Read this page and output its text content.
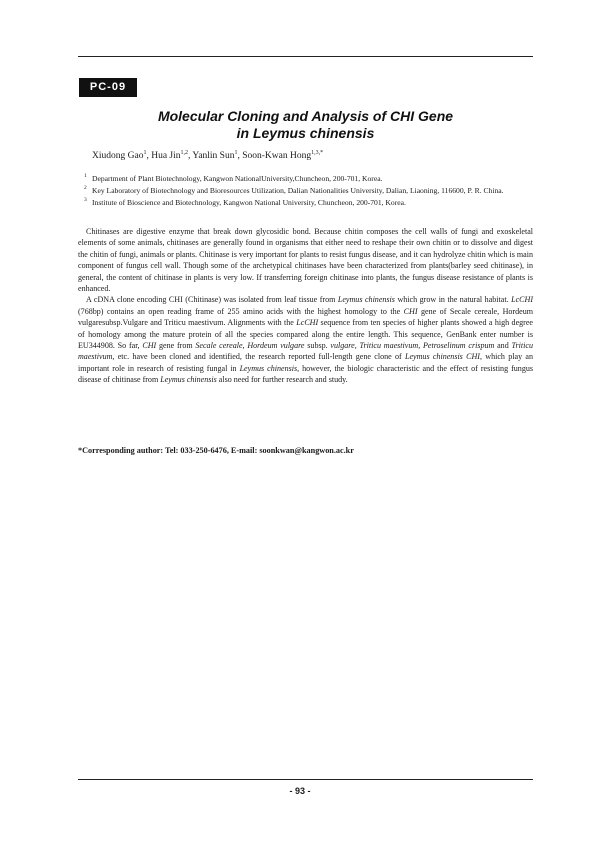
PC-09
Molecular Cloning and Analysis of CHI Gene
in Leymus chinensis
Xiudong Gao$^1$, Hua Jin$^{1,2}$, Yanlin Sun$^1$, Soon-Kwan Hong$^{1,3,*}$
1 Department of Plant Biotechnology, Kangwon NationalUniversity,Chuncheon, 200-701, Korea.
2 Key Laboratory of Biotechnology and Bioresources Utilization, Dalian Nationalities University, Dalian, Liaoning, 116600, P. R. China.
3 Institute of Bioscience and Biotechnology, Kangwon National University, Chuncheon, 200-701, Korea.

Chitinases are digestive enzyme that break down glycosidic bond. Because chitin composes the cell walls of fungi and exoskeletal elements of some animals, chitinases are generally found in organisms that either need to reshape their own chitin or to dissolve and digest the chitin of fungi, animals or plants. Chitinase is very important for plants to resist fungus disease, and it can hydrolyze chitin which is main component of fungus cell wall. Though some of the archetypical chitinases have been characterized from plants(barley seed chitinase), in general, the content of chitinase in plants is very low. If transferring foreign chitinase into plants, the fungus disease resistance of plants is enhanced.

A cDNA clone encoding CHI (Chitinase) was isolated from leaf tissue from Leymus chinensis which grow in the natural habitat. LcCHI (768bp) contains an open reading frame of 255 amino acids with the highest homology to the CHI gene of Secale cereale, Hordeum vulgaresubsp.Vulgare and Triticu maestivum. Alignments with the LcCHI sequence from ten species of higher plants showed a high degree of homology among the mature protein of all the species compared along the entire length. This sequence, GenBank enter number is EU344908. So far, CHI gene from Secale cereale, Hordeum vulgare subsp. vulgare, Triticu maestivum, Petroselinum crispum and Triticu maestivum, etc. have been cloned and identified, the research reported full-length gene clone of Leymus chinensis CHI, which play an important role in research of resisting fungal in Leymus chinensis, however, the biologic characteristic and the effect of resisting fungus disease of chitinase from Leymus chinensis also need for further research and study.

*Corresponding author: Tel: 033-250-6476, E-mail: soonkwan@kangwon.ac.kr
- 93 -
